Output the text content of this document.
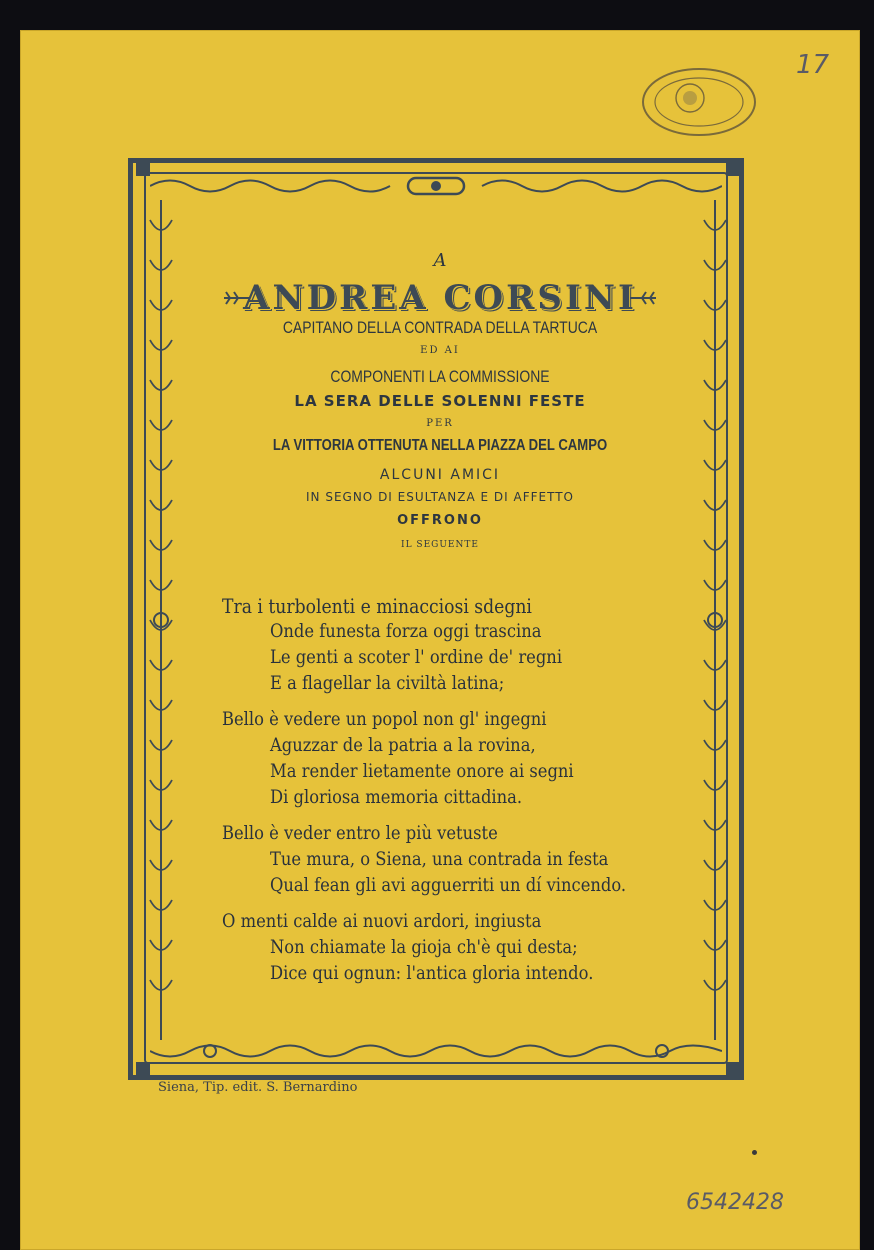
17
A
ANDREA CORSINI
CAPITANO DELLA CONTRADA DELLA TARTUCA
ED AI
COMPONENTI LA COMMISSIONE
LA SERA DELLE SOLENNI FESTE
PER
LA VITTORIA OTTENUTA NELLA PIAZZA DEL CAMPO
ALCUNI AMICI
IN SEGNO DI ESULTANZA E DI AFFETTO
OFFRONO
IL SEGUENTE
Tra i turbolenti e minacciosi sdegni
Onde funesta forza oggi trascina
Le genti a scoter l' ordine de' regni
E a flagellar la civiltà latina;
Bello è vedere un popol non gl' ingegni
Aguzzar de la patria a la rovina,
Ma render lietamente onore ai segni
Di gloriosa memoria cittadina.
Bello è veder entro le più vetuste
Tue mura, o Siena, una contrada in festa
Qual fean gli avi agguerriti un dí vincendo.
O menti calde ai nuovi ardori, ingiusta
Non chiamate la gioja ch'è qui desta;
Dice qui ognun: l'antica gloria intendo.
Siena, Tip. edit. S. Bernardino
6542428
